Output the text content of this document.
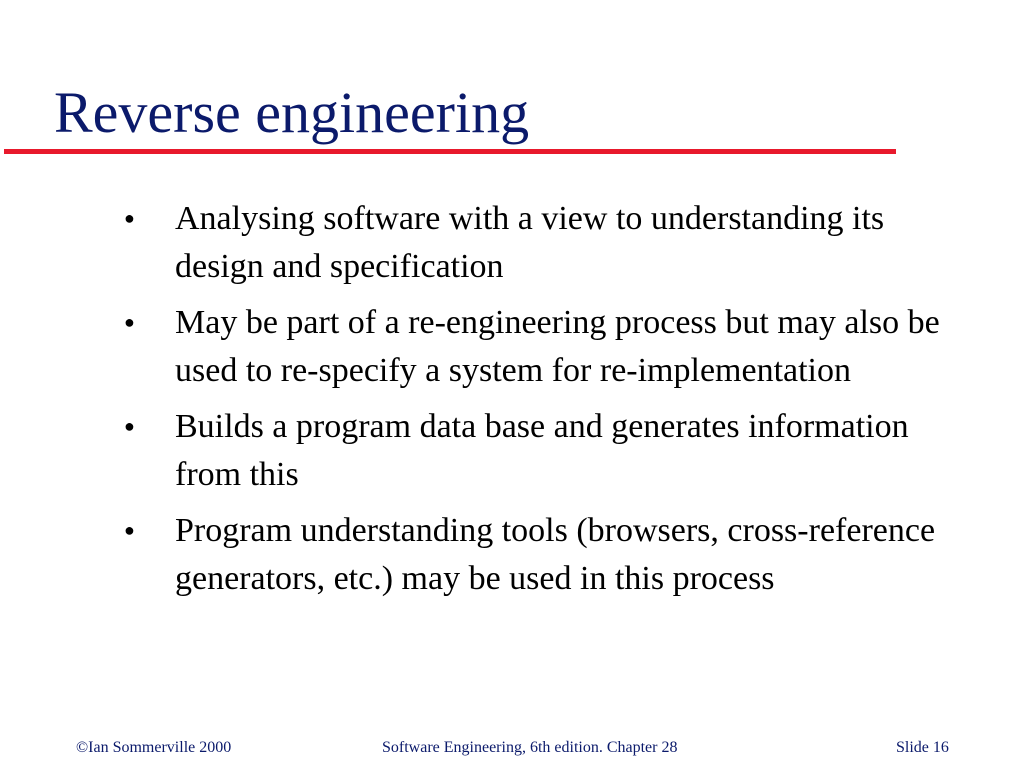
Reverse engineering
● Analysing software with a view to understanding its design and specification
● May be part of a re-engineering process but may also be used to re-specify a system for re-implementation
● Builds a program data base and generates information from this
● Program understanding tools (browsers, cross-reference generators, etc.) may be used in this process
©Ian Sommerville 2000	Software Engineering, 6th edition. Chapter 28	Slide 16
